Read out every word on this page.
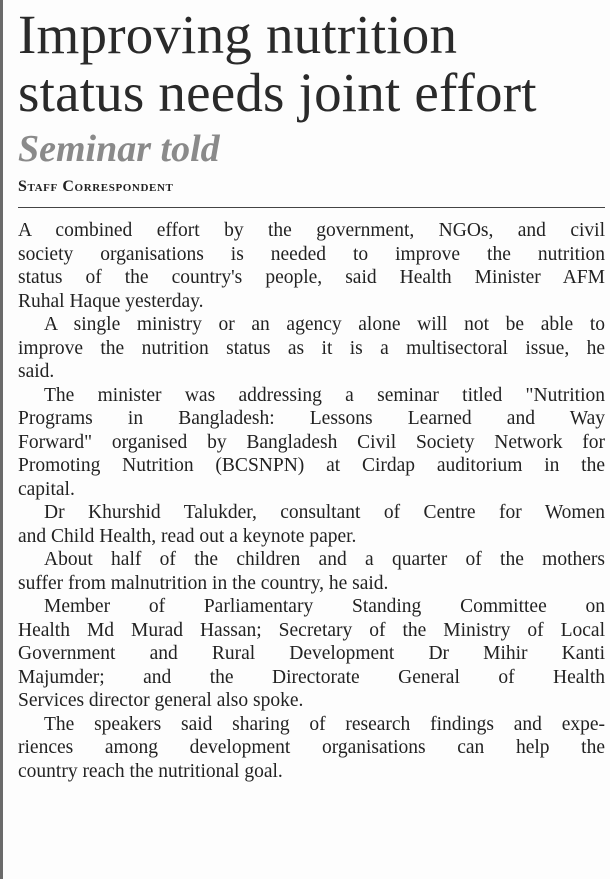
Improving nutrition
status needs joint effort
Seminar told
Staff Correspondent

A combined effort by the government, NGOs, and civil
society organisations is needed to improve the nutrition
status of the country's people, said Health Minister AFM
Ruhal Haque yesterday.

A single ministry or an agency alone will not be able to
improve the nutrition status as it is a multisectoral issue, he
said.

The minister was addressing a seminar titled "Nutrition
Programs in Bangladesh: Lessons Learned and Way
Forward" organised by Bangladesh Civil Society Network for
Promoting Nutrition (BCSNPN) at Cirdap auditorium in the
capital.

Dr Khurshid Talukder, consultant of Centre for Women
and Child Health, read out a keynote paper.

About half of the children and a quarter of the mothers
suffer from malnutrition in the country, he said.

Member of Parliamentary Standing Committee on
Health Md Murad Hassan; Secretary of the Ministry of Local
Government and Rural Development Dr Mihir Kanti
Majumder; and the Directorate General of Health
Services director general also spoke.

The speakers said sharing of research findings and expe-
riences among development organisations can help the
country reach the nutritional goal.
